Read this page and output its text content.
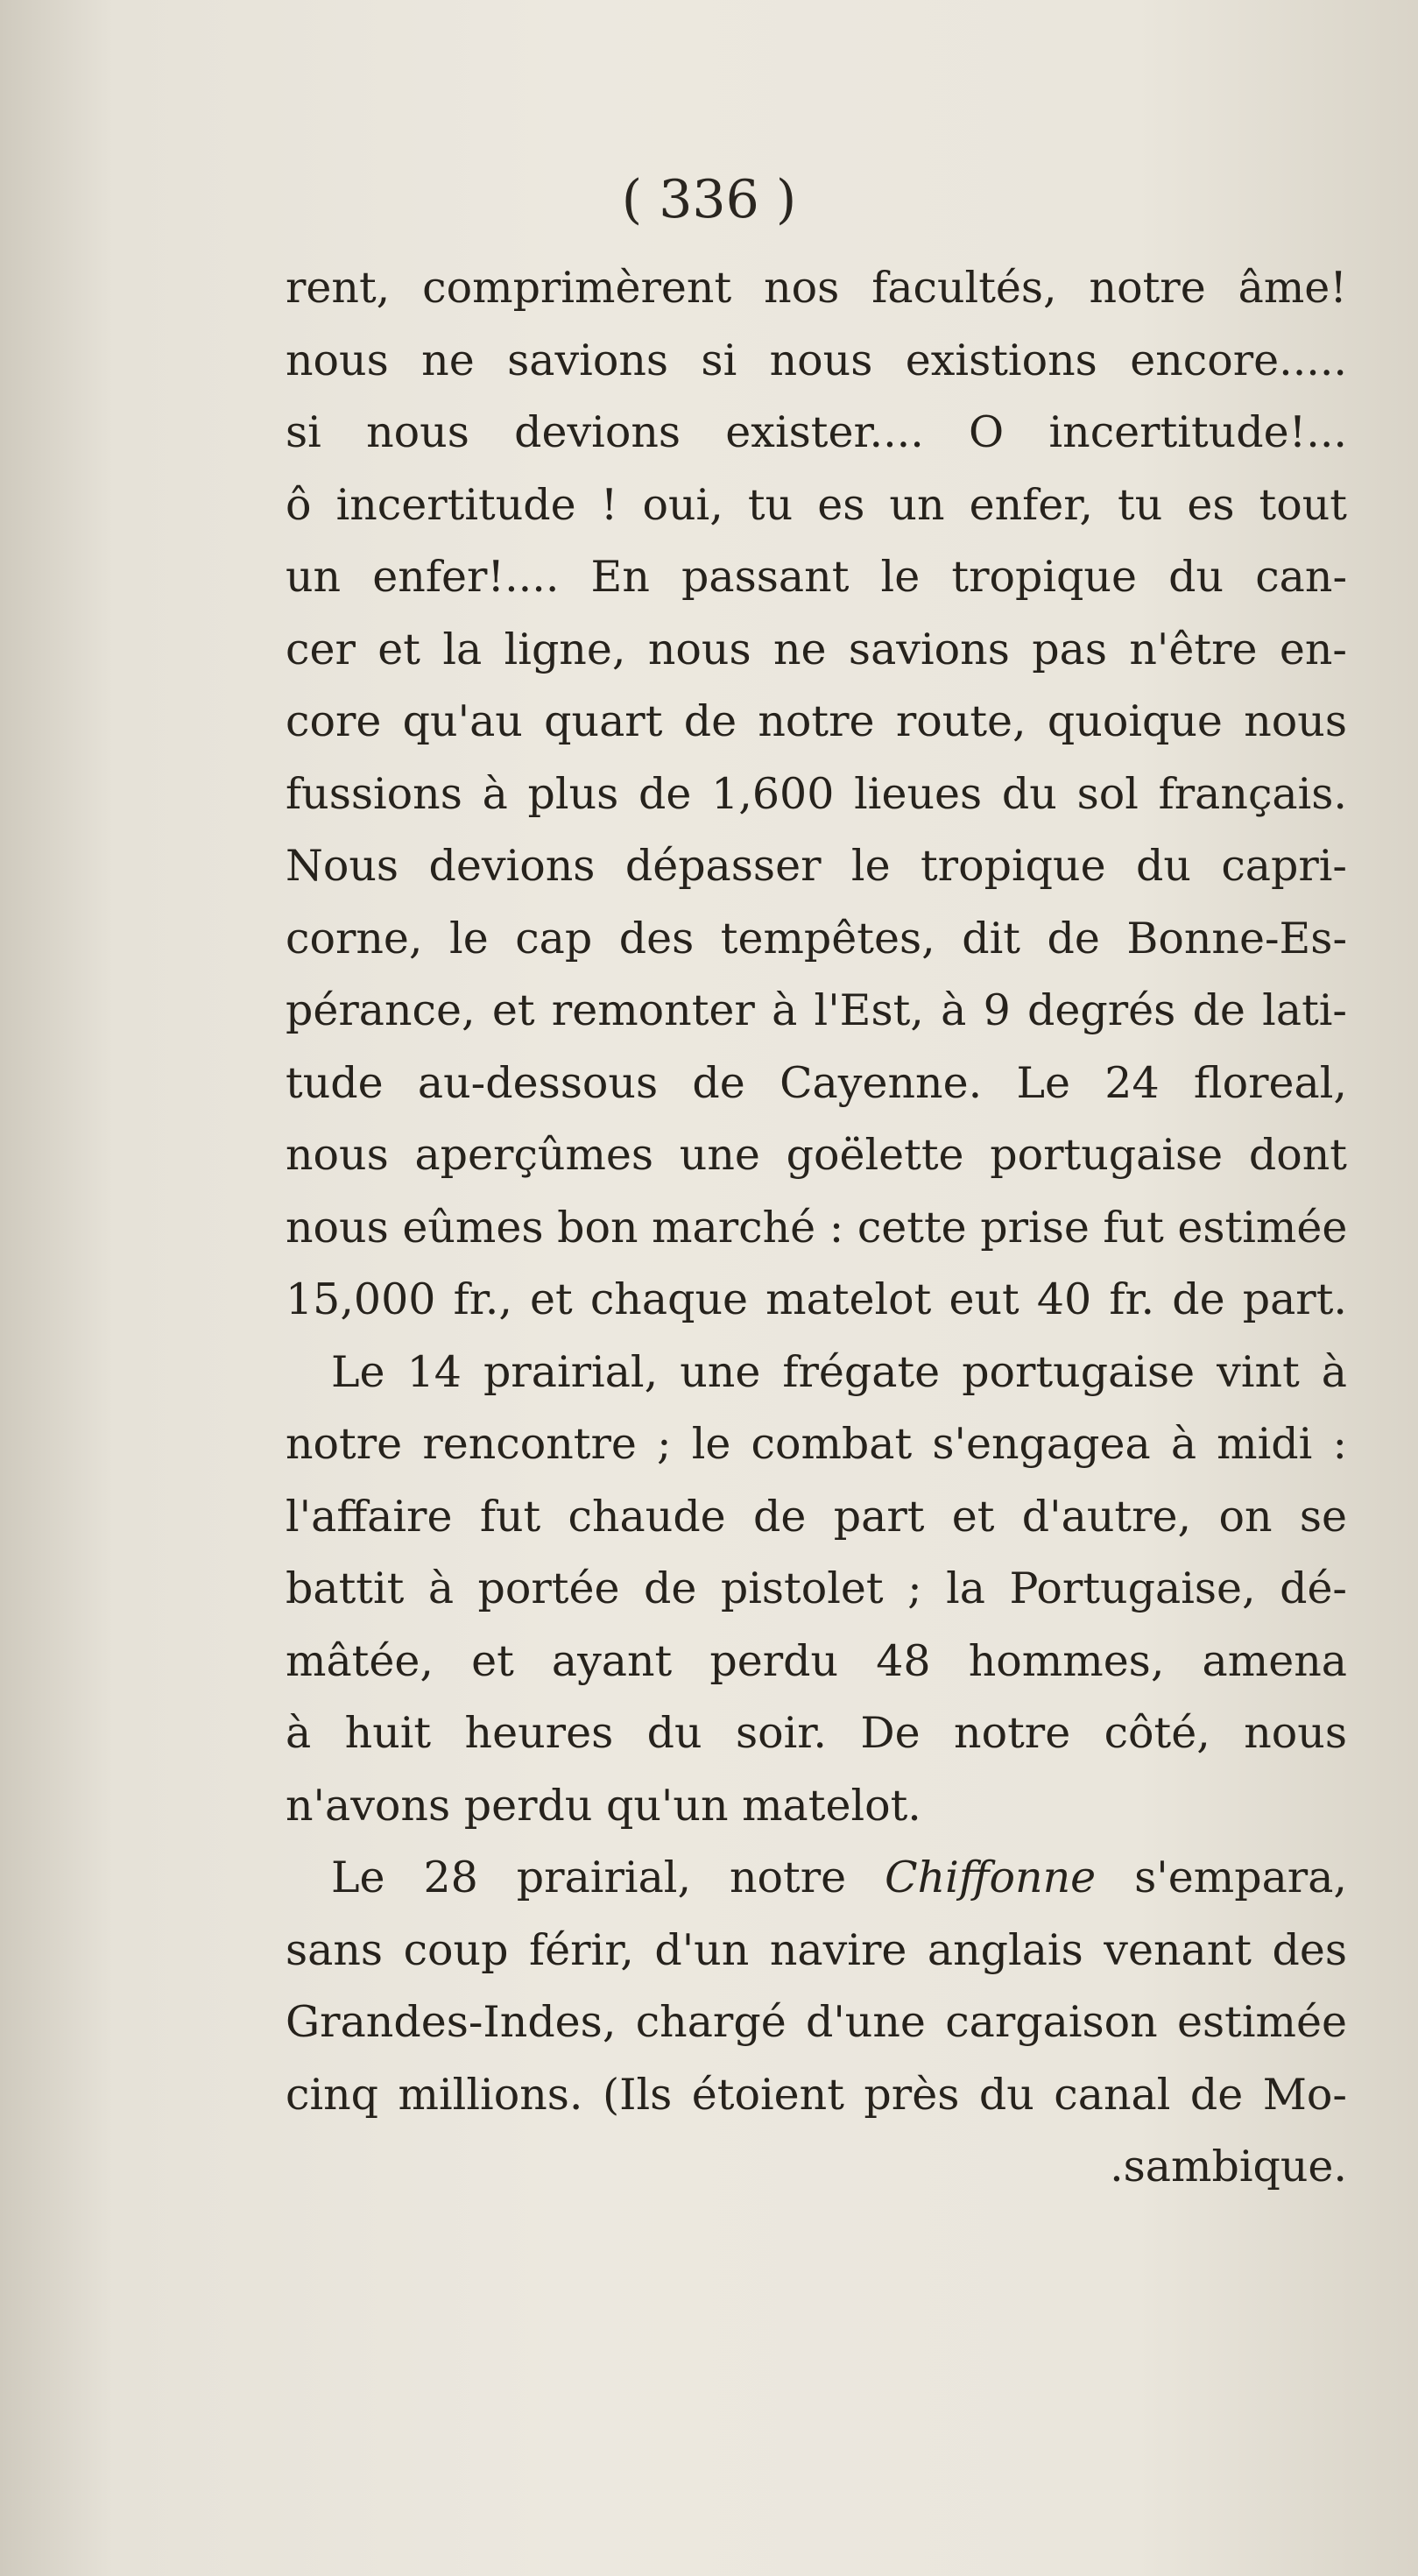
( 336 )
rent, comprimèrent nos facultés, notre âme!
nous ne savions si nous existions encore.....
si nous devions exister.... O incertitude!...
ô incertitude ! oui, tu es un enfer, tu es tout
un enfer!.... En passant le tropique du can-
cer et la ligne, nous ne savions pas n'être en-
core qu'au quart de notre route, quoique nous
fussions à plus de 1,600 lieues du sol français.
Nous devions dépasser le tropique du capri-
corne, le cap des tempêtes, dit de Bonne-Es-
pérance, et remonter à l'Est, à 9 degrés de lati-
tude au-dessous de Cayenne. Le 24 floreal,
nous aperçûmes une goëlette portugaise dont
nous eûmes bon marché : cette prise fut estimée
15,000 fr., et chaque matelot eut 40 fr. de part.
Le 14 prairial, une frégate portugaise vint à
notre rencontre ; le combat s'engagea à midi :
l'affaire fut chaude de part et d'autre, on se
battit à portée de pistolet ; la Portugaise, dé-
mâtée, et ayant perdu 48 hommes, amena
à huit heures du soir. De notre côté, nous
n'avons perdu qu'un matelot.
Le 28 prairial, notre Chiffonne s'empara,
sans coup férir, d'un navire anglais venant des
Grandes-Indes, chargé d'une cargaison estimée
cinq millions. (Ils étoient près du canal de Mo-
.sambique.
